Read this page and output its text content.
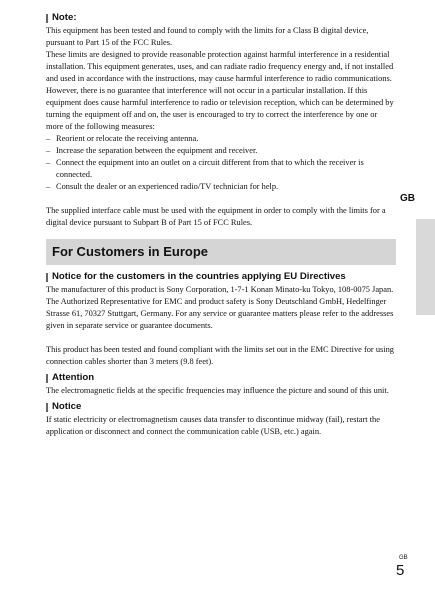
Note:

This equipment has been tested and found to comply with the limits for a Class B digital device, pursuant to Part 15 of the FCC Rules.

These limits are designed to provide reasonable protection against harmful interference in a residential installation. This equipment generates, uses, and can radiate radio frequency energy and, if not installed and used in accordance with the instructions, may cause harmful interference to radio communications. However, there is no guarantee that interference will not occur in a particular installation. If this equipment does cause harmful interference to radio or television reception, which can be determined by turning the equipment off and on, the user is encouraged to try to correct the interference by one or more of the following measures:

– Reorient or relocate the receiving antenna.
– Increase the separation between the equipment and receiver.
– Connect the equipment into an outlet on a circuit different from that to which the receiver is connected.
– Consult the dealer or an experienced radio/TV technician for help.

The supplied interface cable must be used with the equipment in order to comply with the limits for a digital device pursuant to Subpart B of Part 15 of FCC Rules.

For Customers in Europe
Notice for the customers in the countries applying EU Directives

The manufacturer of this product is Sony Corporation, 1-7-1 Konan Minato-ku Tokyo, 108-0075 Japan. The Authorized Representative for EMC and product safety is Sony Deutschland GmbH, Hedelfinger Strasse 61, 70327 Stuttgart, Germany. For any service or guarantee matters please refer to the addresses given in separate service or guarantee documents.

This product has been tested and found compliant with the limits set out in the EMC Directive for using connection cables shorter than 3 meters (9.8 feet).

Attention

The electromagnetic fields at the specific frequencies may influence the picture and sound of this unit.

Notice

If static electricity or electromagnetism causes data transfer to discontinue midway (fail), restart the application or disconnect and connect the communication cable (USB, etc.) again.

GB
GB
5
